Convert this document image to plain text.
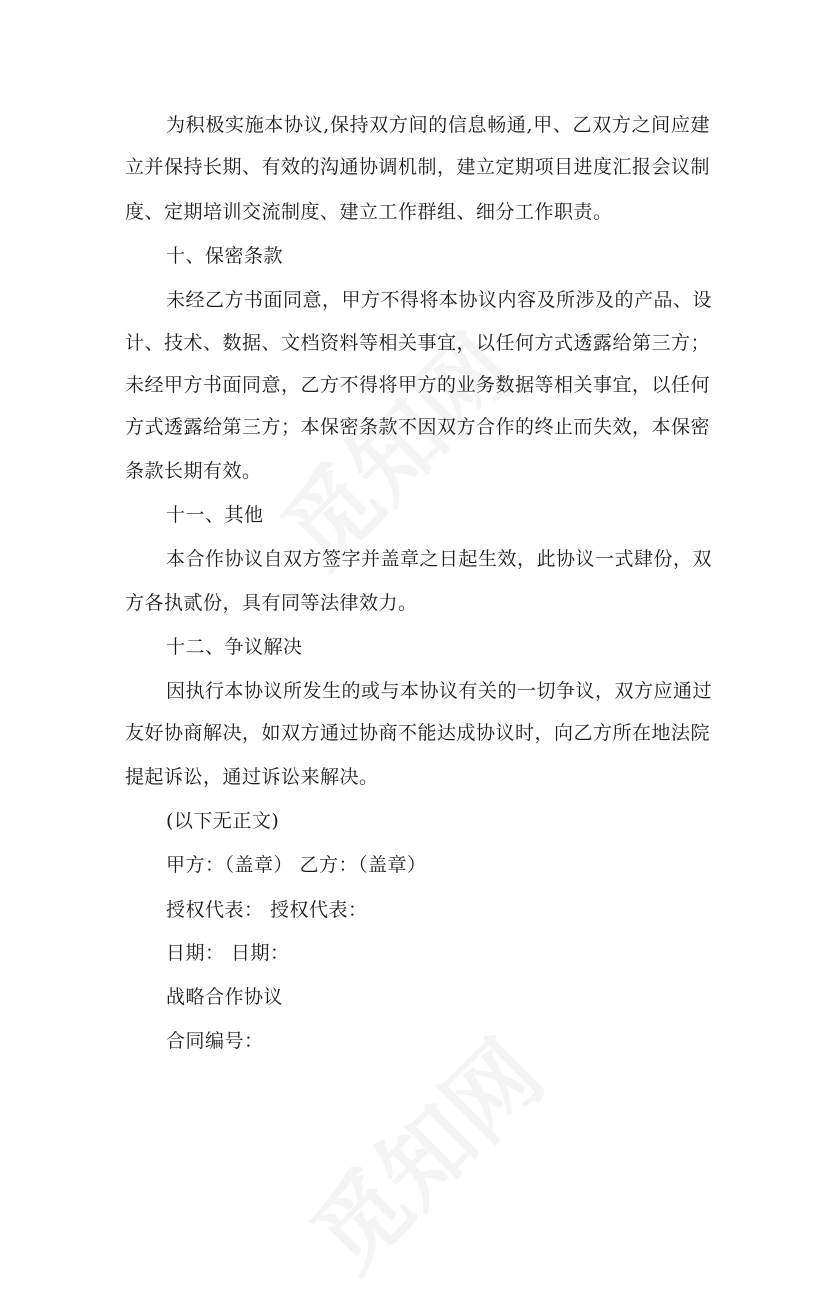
为积极实施本协议,保持双方间的信息畅通,甲、乙双方之间应建
立并保持长期、有效的沟通协调机制，建立定期项目进度汇报会议制
度、定期培训交流制度、建立工作群组、细分工作职责。
十、保密条款
未经乙方书面同意，甲方不得将本协议内容及所涉及的产品、设
计、技术、数据、文档资料等相关事宜，以任何方式透露给第三方；
未经甲方书面同意，乙方不得将甲方的业务数据等相关事宜，以任何
方式透露给第三方；本保密条款不因双方合作的终止而失效，本保密
条款长期有效。
十一、其他
本合作协议自双方签字并盖章之日起生效，此协议一式肆份，双
方各执贰份，具有同等法律效力。
十二、争议解决
因执行本协议所发生的或与本协议有关的一切争议，双方应通过
友好协商解决，如双方通过协商不能达成协议时，向乙方所在地法院
提起诉讼，通过诉讼来解决。
(以下无正文)
甲方：（盖章） 乙方：（盖章）
授权代表： 授权代表：
日期： 日期：
战略合作协议
合同编号：
